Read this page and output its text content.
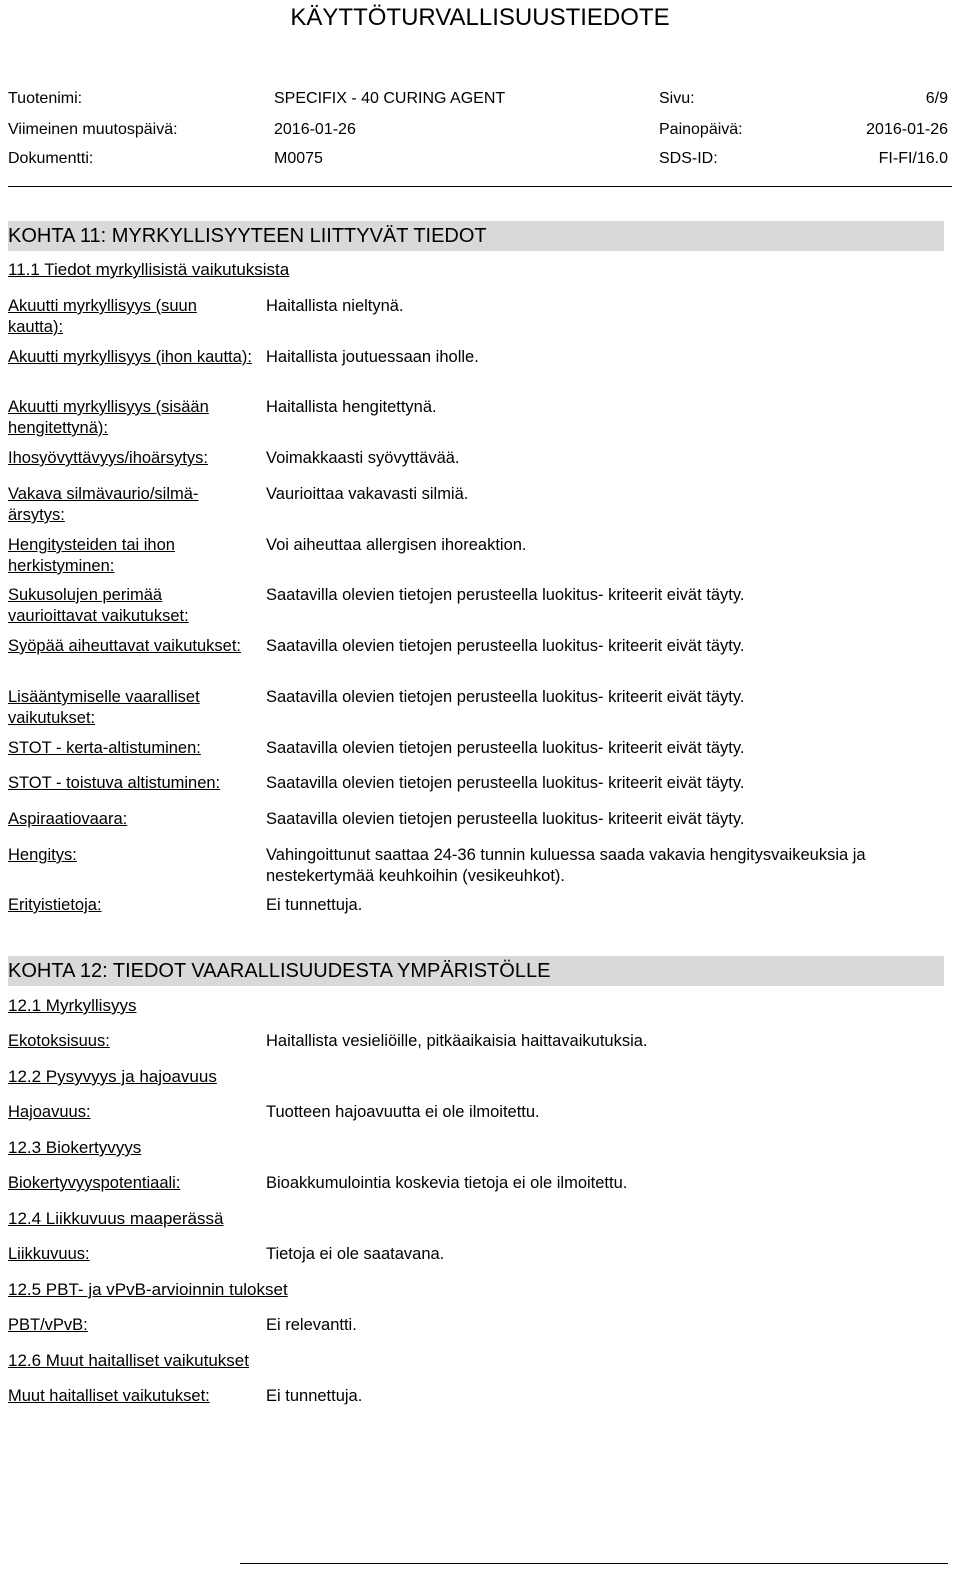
KÄYTTÖTURVALLISUUSTIEDOTE
Tuotenimi:	SPECIFIX - 40 CURING AGENT	Sivu:	6/9
Viimeinen muutospäivä:	2016-01-26	Painopäivä:	2016-01-26
Dokumentti:	M0075	SDS-ID:	FI-FI/16.0
KOHTA 11: MYRKYLLISYYTEEN LIITTYVÄT TIEDOT
11.1 Tiedot myrkyllisistä vaikutuksista
Akuutti myrkyllisyys (suun kautta):
Haitallista nieltynä.
Akuutti myrkyllisyys (ihon kautta): Haitallista joutuessaan iholle.
Akuutti myrkyllisyys (sisään hengitettynä):
Haitallista hengitettynä.
Ihosyövyttävyys/ihoärsytys:	Voimakkaasti syövyttävää.
Vakava silmävaurio/silmä-ärsytys:
Vaurioittaa vakavasti silmiä.
Hengitysteiden tai ihon herkistyminen:
Voi aiheuttaa allergisen ihoreaktion.
Sukusolujen perimää vaurioittavat vaikutukset:
Saatavilla olevien tietojen perusteella luokitus- kriteerit eivät täyty.
Syöpää aiheuttavat vaikutukset:	Saatavilla olevien tietojen perusteella luokitus- kriteerit eivät täyty.
Lisääntymiselle vaaralliset vaikutukset:
Saatavilla olevien tietojen perusteella luokitus- kriteerit eivät täyty.
STOT - kerta-altistuminen:	Saatavilla olevien tietojen perusteella luokitus- kriteerit eivät täyty.
STOT - toistuva altistuminen:	Saatavilla olevien tietojen perusteella luokitus- kriteerit eivät täyty.
Aspiraatiovaara:	Saatavilla olevien tietojen perusteella luokitus- kriteerit eivät täyty.
Hengitys:	Vahingoittunut saattaa 24-36 tunnin kuluessa saada vakavia hengitysvaikeuksia ja nestekertymää keuhkoihin (vesikeuhkot).
Erityistietoja:	Ei tunnettuja.
KOHTA 12: TIEDOT VAARALLISUUDESTA YMPÄRISTÖLLE
12.1 Myrkyllisyys
Ekotoksisuus:	Haitallista vesieliöille, pitkäaikaisia haittavaikutuksia.
12.2 Pysyvyys ja hajoavuus
Hajoavuus:	Tuotteen hajoavuutta ei ole ilmoitettu.
12.3 Biokertyvyys
Biokertyvyyspotentiaali:	Bioakkumulointia koskevia tietoja ei ole ilmoitettu.
12.4 Liikkuvuus maaperässä
Liikkuvuus:	Tietoja ei ole saatavana.
12.5 PBT- ja vPvB-arvioinnin tulokset
PBT/vPvB:	Ei relevantti.
12.6 Muut haitalliset vaikutukset
Muut haitalliset vaikutukset:	Ei tunnettuja.
